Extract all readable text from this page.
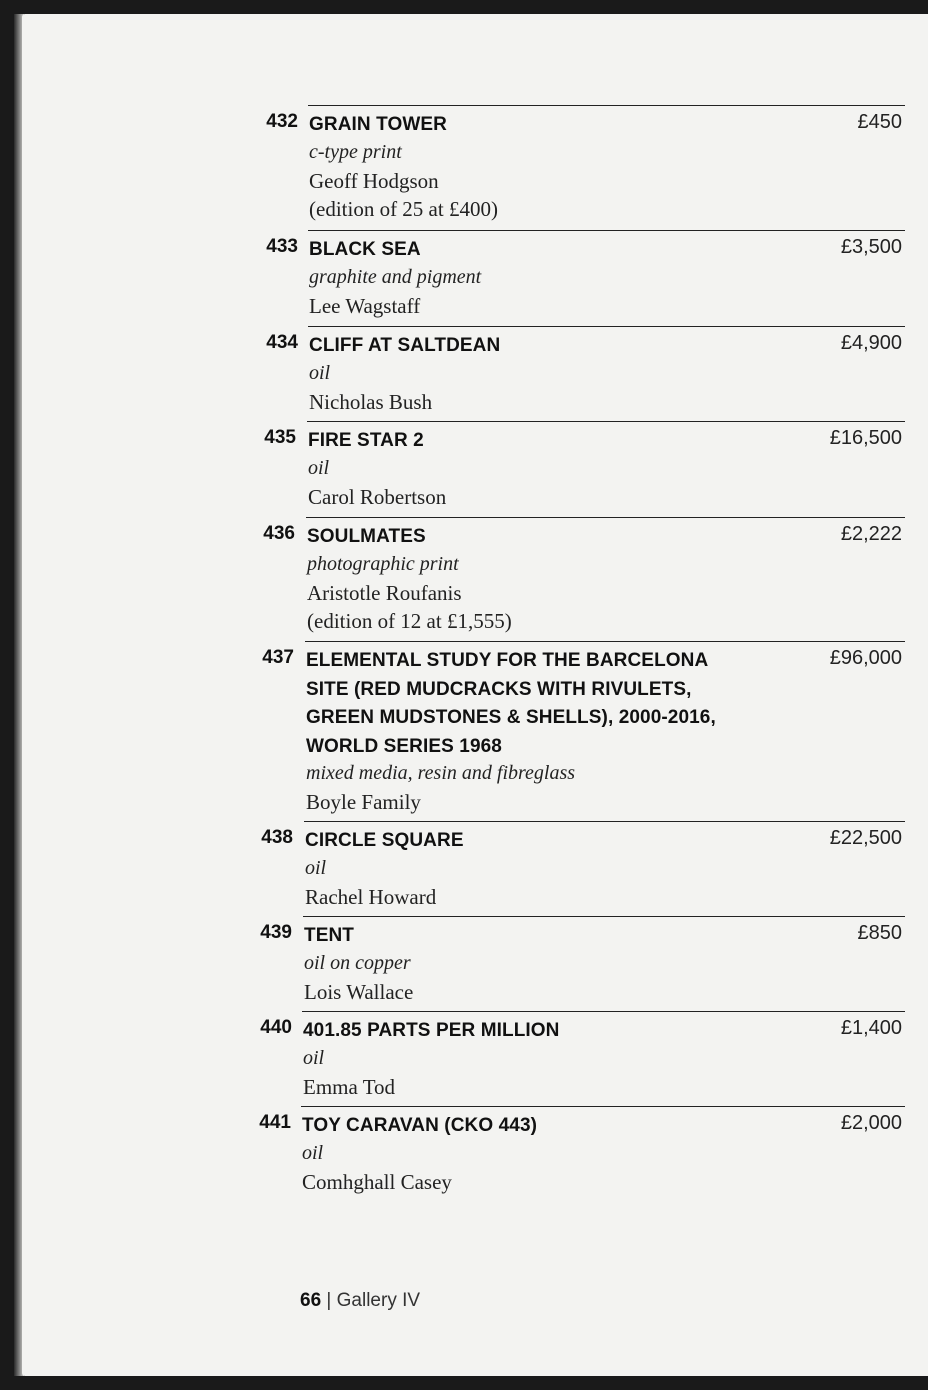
432 GRAIN TOWER
c-type print
Geoff Hodgson
(edition of 25 at £400)
£450
433 BLACK SEA
graphite and pigment
Lee Wagstaff
£3,500
434 CLIFF AT SALTDEAN
oil
Nicholas Bush
£4,900
435 FIRE STAR 2
oil
Carol Robertson
£16,500
436 SOULMATES
photographic print
Aristotle Roufanis
(edition of 12 at £1,555)
£2,222
437 ELEMENTAL STUDY FOR THE BARCELONA
SITE (RED MUDCRACKS WITH RIVULETS,
GREEN MUDSTONES & SHELLS), 2000-2016,
WORLD SERIES 1968
mixed media, resin and fibreglass
Boyle Family
£96,000
438 CIRCLE SQUARE
oil
Rachel Howard
£22,500
439 TENT
oil on copper
Lois Wallace
£850
440 401.85 PARTS PER MILLION
oil
Emma Tod
£1,400
441 TOY CARAVAN (CKO 443)
oil
Comhghall Casey
£2,000
66 | Gallery IV
